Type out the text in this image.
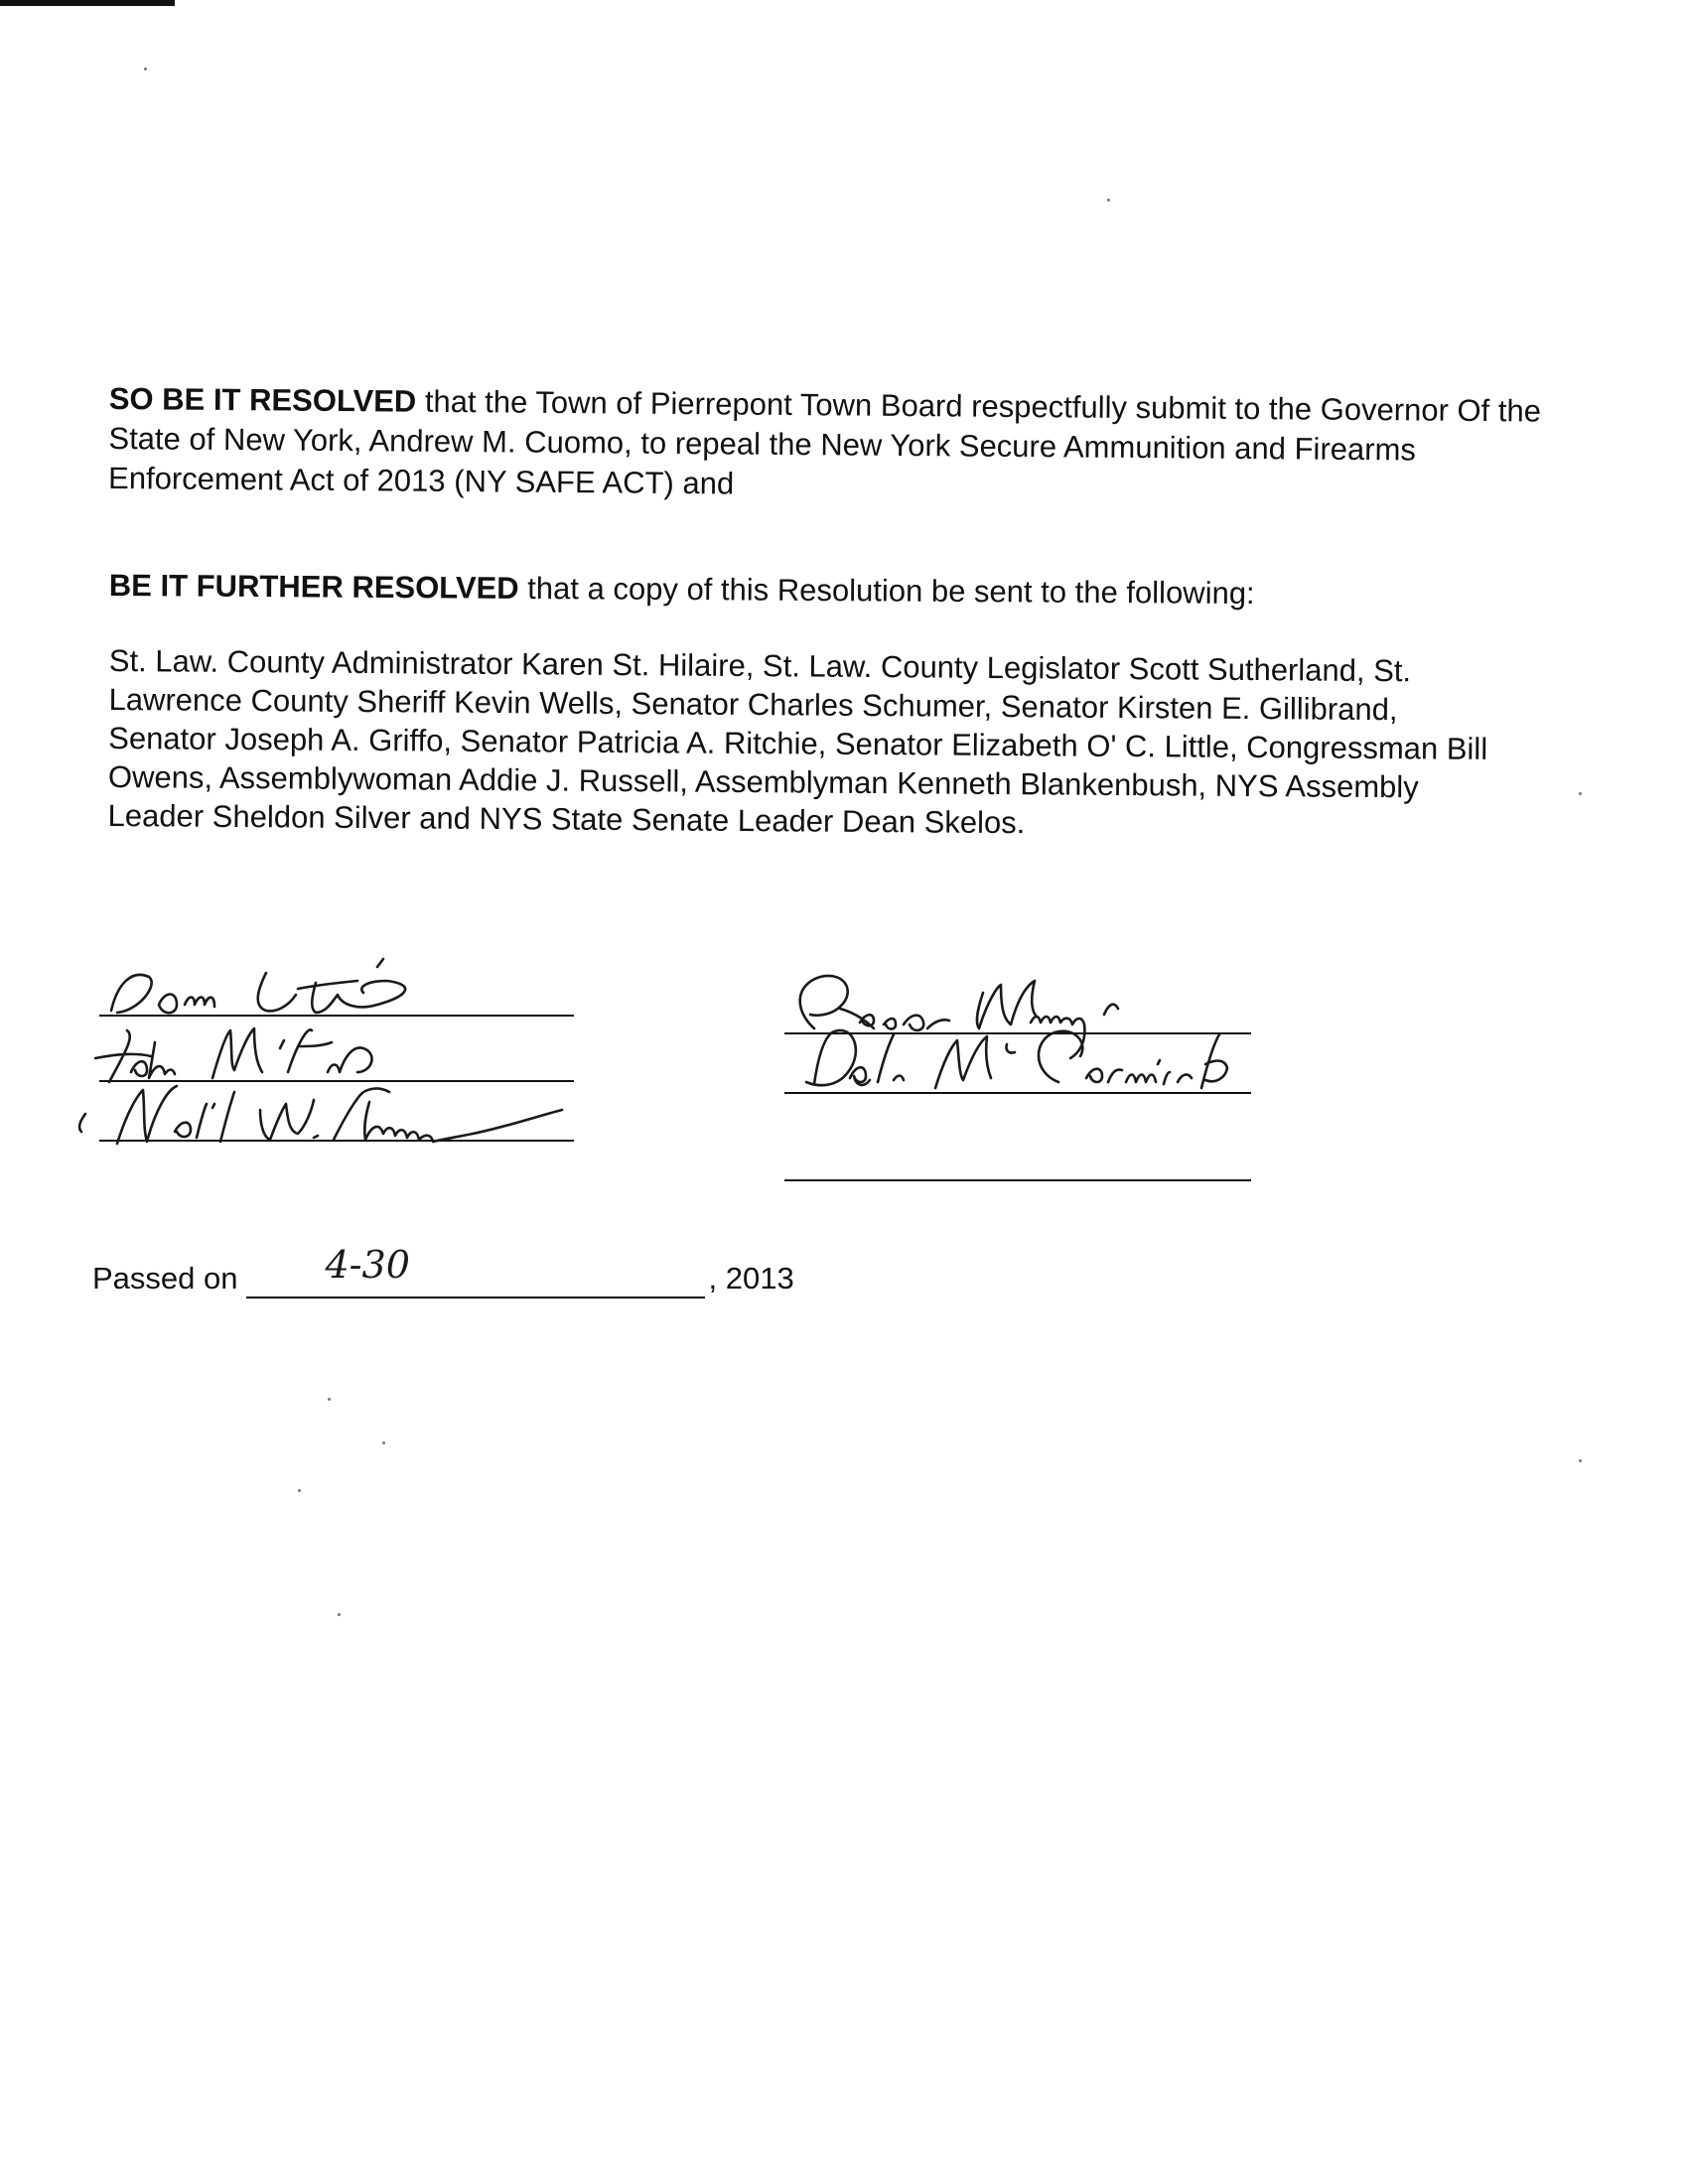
SO BE IT RESOLVED that the Town of Pierrepont Town Board respectfully submit to the Governor Of the State of New York, Andrew M. Cuomo, to repeal the New York Secure Ammunition and Firearms Enforcement Act of 2013 (NY SAFE ACT) and

BE IT FURTHER RESOLVED that a copy of this Resolution be sent to the following:

St. Law. County Administrator Karen St. Hilaire, St. Law. County Legislator Scott Sutherland, St. Lawrence County Sheriff Kevin Wells, Senator Charles Schumer, Senator Kirsten E. Gillibrand, Senator Joseph A. Griffo, Senator Patricia A. Ritchie, Senator Elizabeth O' C. Little, Congressman Bill Owens, Assemblywoman Addie J. Russell, Assemblyman Kenneth Blankenbush, NYS Assembly Leader Sheldon Silver and NYS State Senate Leader Dean Skelos.

Passed on 4-30	, 2013
